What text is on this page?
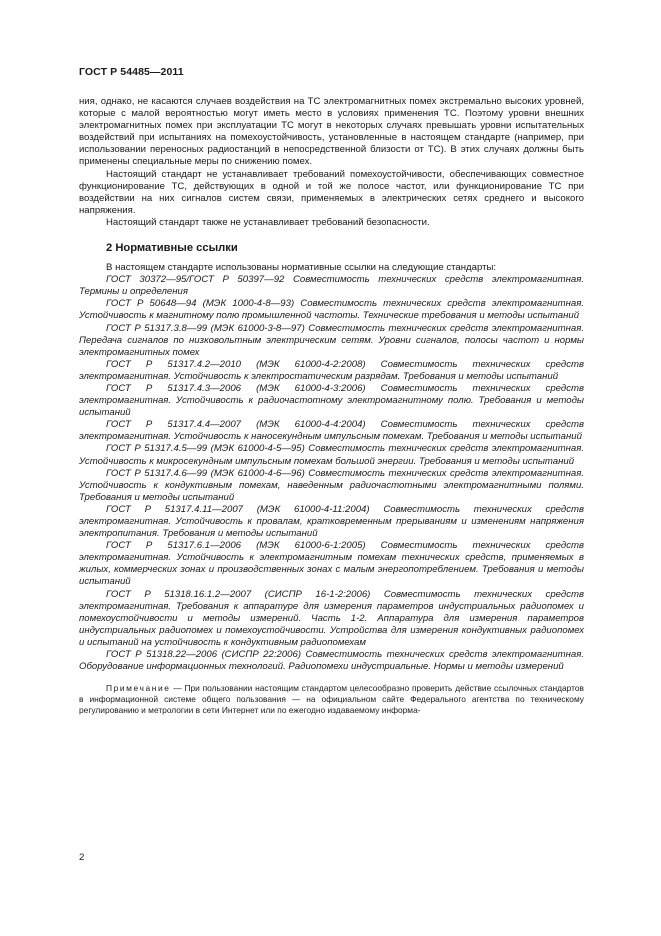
ГОСТ Р 54485—2011

ния, однако, не касаются случаев воздействия на ТС электромагнитных помех экстремально высоких уровней, которые с малой вероятностью могут иметь место в условиях применения ТС. Поэтому уровни внешних электромагнитных помех при эксплуатации ТС могут в некоторых случаях превышать уровни испытательных воздействий при испытаниях на помехоустойчивость, установленные в настоящем стандарте (например, при использовании переносных радиостанций в непосредственной близости от ТС). В этих случаях должны быть применены специальные меры по снижению помех.

Настоящий стандарт не устанавливает требований помехоустойчивости, обеспечивающих совместное функционирование ТС, действующих в одной и той же полосе частот, или функционирование ТС при воздействии на них сигналов систем связи, применяемых в электрических сетях среднего и высокого напряжения.

Настоящий стандарт также не устанавливает требований безопасности.

2 Нормативные ссылки

В настоящем стандарте использованы нормативные ссылки на следующие стандарты:

ГОСТ 30372—95/ГОСТ Р 50397—92 Совместимость технических средств электромагнитная. Термины и определения

ГОСТ Р 50648—94 (МЭК 1000-4-8—93) Совместимость технических средств электромагнитная. Устойчивость к магнитному полю промышленной частоты. Технические требования и методы испытаний

ГОСТ Р 51317.3.8—99 (МЭК 61000-3-8—97) Совместимость технических средств электромагнитная. Передача сигналов по низковольтным электрическим сетям. Уровни сигналов, полосы частот и нормы электромагнитных помех

ГОСТ Р 51317.4.2—2010 (МЭК 61000-4-2:2008) Совместимость технических средств электромагнитная. Устойчивость к электростатическим разрядам. Требования и методы испытаний

ГОСТ Р 51317.4.3—2006 (МЭК 61000-4-3:2006) Совместимость технических средств электромагнитная. Устойчивость к радиочастотному электромагнитному полю. Требования и методы испытаний

ГОСТ Р 51317.4.4—2007 (МЭК 61000-4-4:2004) Совместимость технических средств электромагнитная. Устойчивость к наносекундным импульсным помехам. Требования и методы испытаний

ГОСТ Р 51317.4.5—99 (МЭК 61000-4-5—95) Совместимость технических средств электромагнитная. Устойчивость к микросекундным импульсным помехам большой энергии. Требования и методы испытаний

ГОСТ Р 51317.4.6—99 (МЭК 61000-4-6—96) Совместимость технических средств электромагнитная. Устойчивость к кондуктивным помехам, наведенным радиочастотными электромагнитными полями. Требования и методы испытаний

ГОСТ Р 51317.4.11—2007 (МЭК 61000-4-11:2004) Совместимость технических средств электромагнитная. Устойчивость к провалам, кратковременным прерываниям и изменениям напряжения электропитания. Требования и методы испытаний

ГОСТ Р 51317.6.1—2006 (МЭК 61000-6-1:2005) Совместимость технических средств электромагнитная. Устойчивость к электромагнитным помехам технических средств, применяемых в жилых, коммерческих зонах и производственных зонах с малым энергопотреблением. Требования и методы испытаний

ГОСТ Р 51318.16.1.2—2007 (СИСПР 16-1-2:2006) Совместимость технических средств электромагнитная. Требования к аппаратуре для измерения параметров индустриальных радиопомех и помехоустойчивости и методы измерений. Часть 1-2. Аппаратура для измерения параметров индустриальных радиопомех и помехоустойчивости. Устройства для измерения кондуктивных радиопомех и испытаний на устойчивость к кондуктивным радиопомехам

ГОСТ Р 51318.22—2006 (СИСПР 22:2006) Совместимость технических средств электромагнитная. Оборудование информационных технологий. Радиопомехи индустриальные. Нормы и методы измерений

Примечание — При пользовании настоящим стандартом целесообразно проверить действие ссылочных стандартов в информационной системе общего пользования — на официальном сайте Федерального агентства по техническому регулированию и метрологии в сети Интернет или по ежегодно издаваемому информа-

2
